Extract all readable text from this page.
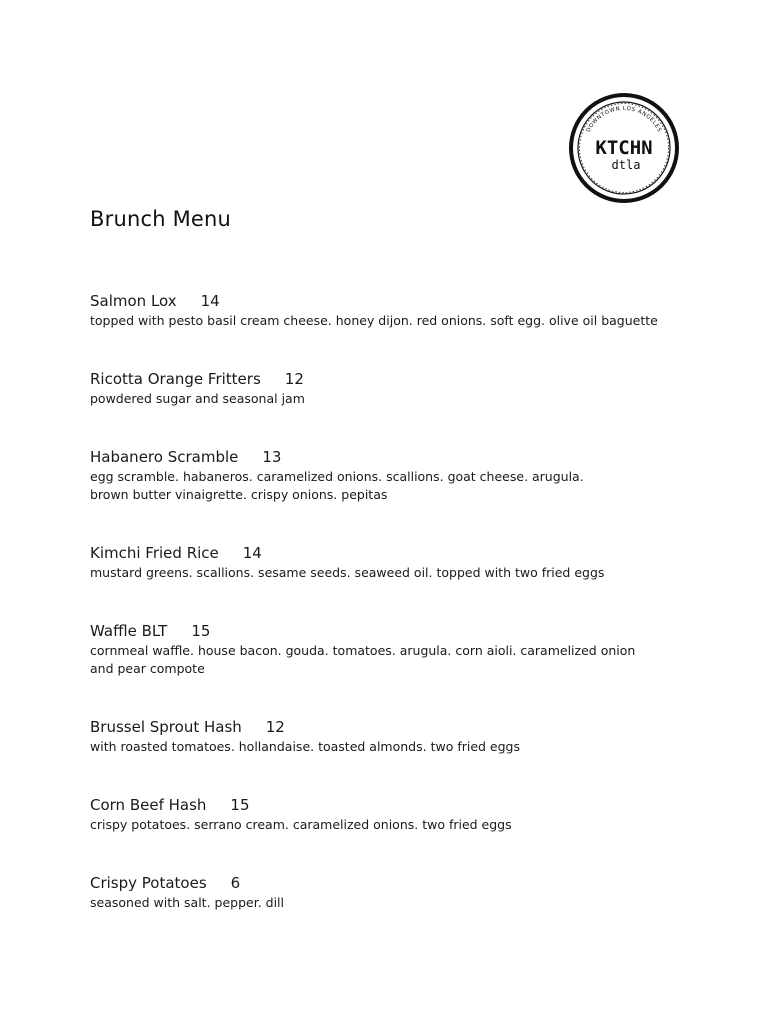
DOWNTOWN LOS ANGELES
KTCHN
dtla
Brunch Menu
Salmon Lox 14
topped with pesto basil cream cheese. honey dijon. red onions. soft egg. olive oil baguette
Ricotta Orange Fritters 12
powdered sugar and seasonal jam
Habanero Scramble 13
egg scramble. habaneros. caramelized onions. scallions. goat cheese. arugula.
brown butter vinaigrette. crispy onions. pepitas
Kimchi Fried Rice 14
mustard greens. scallions. sesame seeds. seaweed oil. topped with two fried eggs
Waffle BLT 15
cornmeal waffle. house bacon. gouda. tomatoes. arugula. corn aioli. caramelized onion
and pear compote
Brussel Sprout Hash 12
with roasted tomatoes. hollandaise. toasted almonds. two fried eggs
Corn Beef Hash 15
crispy potatoes. serrano cream. caramelized onions. two fried eggs
Crispy Potatoes 6
seasoned with salt. pepper. dill
